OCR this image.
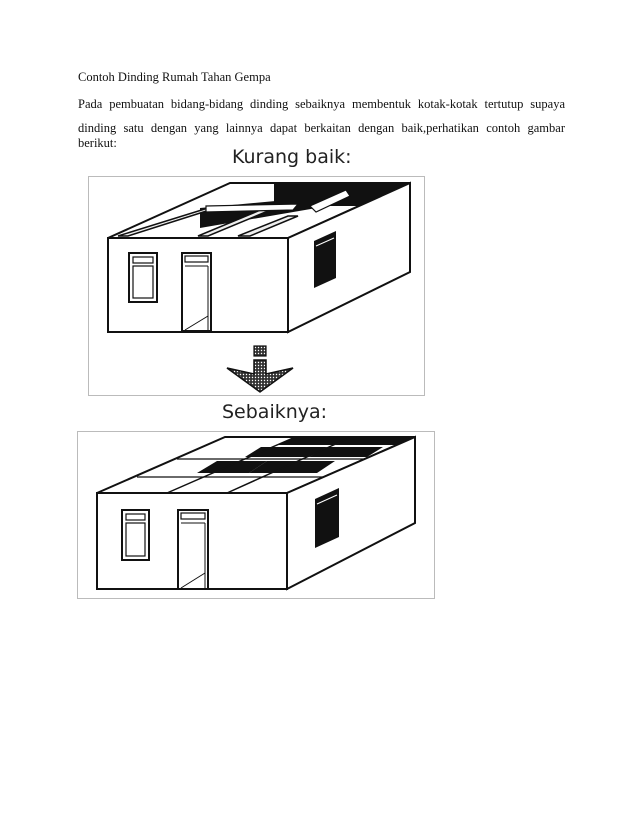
Contoh Dinding Rumah Tahan Gempa
Pada pembuatan bidang-bidang dinding sebaiknya membentuk kotak-kotak tertutup supaya
dinding satu dengan yang lainnya dapat berkaitan dengan baik,perhatikan contoh gambar berikut:
Kurang baik:
Sebaiknya:
